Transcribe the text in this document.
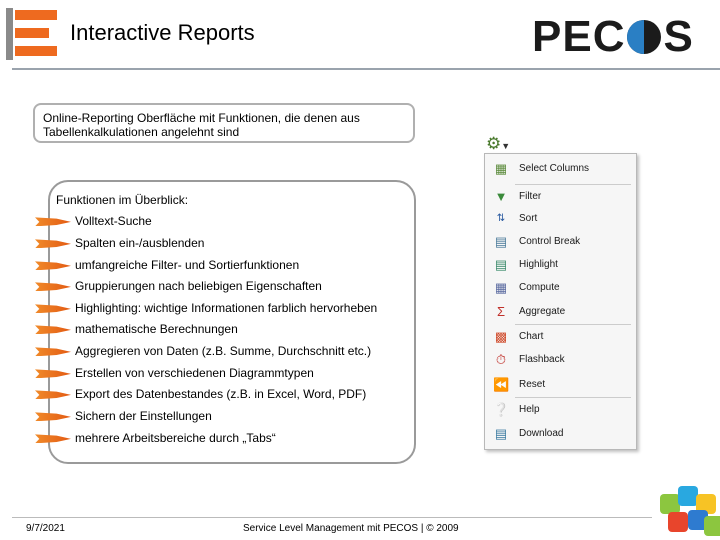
Interactive Reports	PEC S
Online-Reporting Oberfläche mit Funktionen, die denen aus
Tabellenkalkulationen angelehnt sind
Funktionen im Überblick:
Volltext-Suche
Spalten ein-/ausblenden
umfangreiche Filter- und Sortierfunktionen
Gruppierungen nach beliebigen Eigenschaften
Highlighting: wichtige Informationen farblich hervorheben
mathematische Berechnungen
Aggregieren von Daten (z.B. Summe, Durchschnitt etc.)
Erstellen von verschiedenen Diagrammtypen
Export des Datenbestandes (z.B. in Excel, Word, PDF)
Sichern der Einstellungen
mehrere Arbeitsbereiche durch „Tabs“
⚙▼
▦ Select Columns
▼ Filter
⇅	Sort
▤ Control Break
▤ Highlight
▦ Compute
Σ	Aggregate
▩ Chart
⏱ Flashback
⏪ Reset
❔ Help
▤ Download
9/7/2021	Service Level Management mit PECOS | © 2009
